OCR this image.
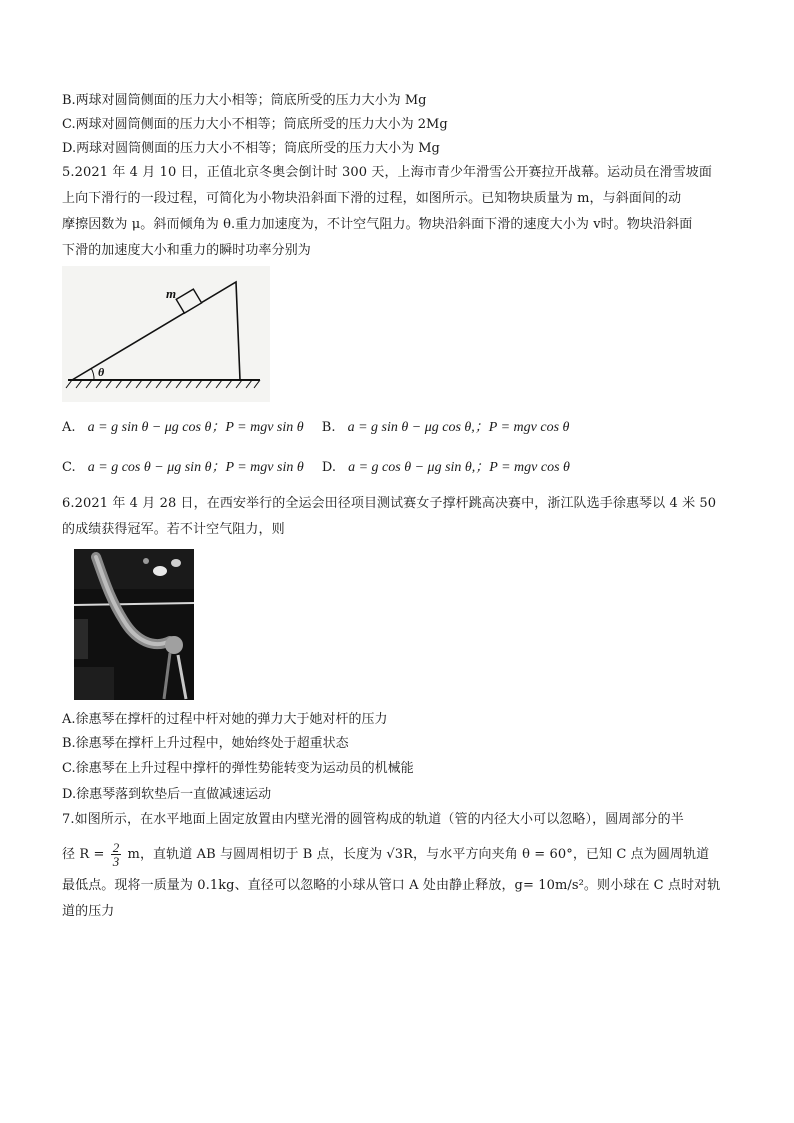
B.两球对圆筒侧面的压力大小相等；筒底所受的压力大小为 Mg
C.两球对圆筒侧面的压力大小不相等；筒底所受的压力大小为 2Mg
D.两球对圆筒侧面的压力大小不相等；筒底所受的压力大小为 Mg
5.2021 年 4 月 10 日，正值北京冬奥会倒计时 300 天，上海市青少年滑雪公开赛拉开战幕。运动员在滑雪坡面
上向下滑行的一段过程，可简化为小物块沿斜面下滑的过程，如图所示。已知物块质量为 m，与斜面间的动
摩擦因数为 μ。斜而倾角为 θ.重力加速度为，不计空气阻力。物块沿斜面下滑的速度大小为 v时。物块沿斜面
下滑的加速度大小和重力的瞬时功率分别为
m
θ
A. a = g sin θ − μg cos θ；P = mgv sin θ B. a = g sin θ − μg cos θ,；P = mgv cos θ
C. a = g cos θ − μg sin θ；P = mgv sin θ D. a = g cos θ − μg sin θ,；P = mgv cos θ
6.2021 年 4 月 28 日，在西安举行的全运会田径项目测试赛女子撑杆跳高决赛中，浙江队选手徐惠琴以 4 米 50
的成绩获得冠军。若不计空气阻力，则
A.徐惠琴在撑杆的过程中杆对她的弹力大于她对杆的压力
B.徐惠琴在撑杆上升过程中，她始终处于超重状态
C.徐惠琴在上升过程中撑杆的弹性势能转变为运动员的机械能
D.徐惠琴落到软垫后一直做减速运动
7.如图所示，在水平地面上固定放置由内壁光滑的圆管构成的轨道（管的内径大小可以忽略），圆周部分的半
径 $R = \frac{2}{3}$ m，直轨道 AB 与圆周相切于 B 点，长度为 √3R，与水平方向夹角 θ = 60°，已知 C 点为圆周轨道
最低点。现将一质量为 0.1kg、直径可以忽略的小球从管口 A 处由静止释放，g= 10m/s²。则小球在 C 点时对轨
道的压力
